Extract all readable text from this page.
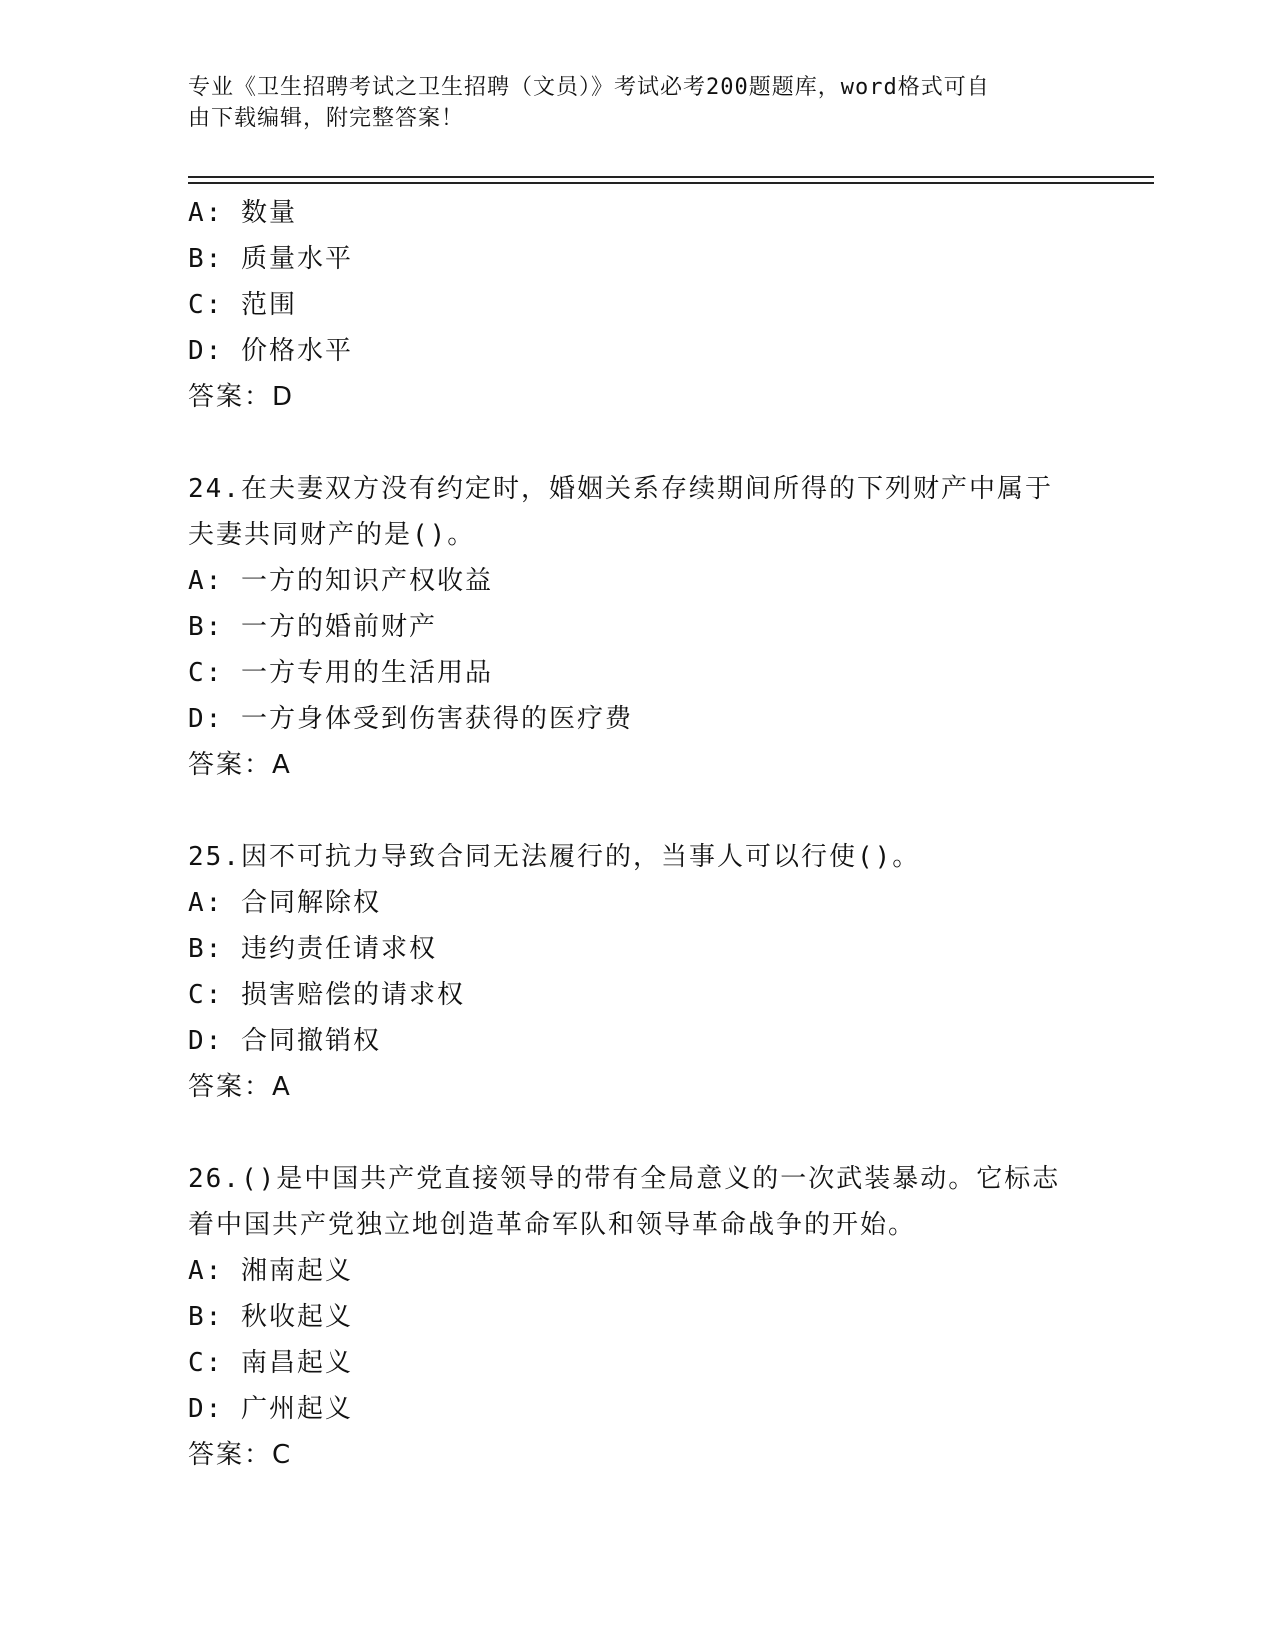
专业《卫生招聘考试之卫生招聘（文员）》考试必考200题题库，word格式可自
由下载编辑，附完整答案！
A: 数量
B: 质量水平
C: 范围
D: 价格水平
答案：D
24.在夫妻双方没有约定时，婚姻关系存续期间所得的下列财产中属于
夫妻共同财产的是()。
A: 一方的知识产权收益
B: 一方的婚前财产
C: 一方专用的生活用品
D: 一方身体受到伤害获得的医疗费
答案：A
25.因不可抗力导致合同无法履行的，当事人可以行使()。
A: 合同解除权
B: 违约责任请求权
C: 损害赔偿的请求权
D: 合同撤销权
答案：A
26.()是中国共产党直接领导的带有全局意义的一次武装暴动。它标志
着中国共产党独立地创造革命军队和领导革命战争的开始。
A: 湘南起义
B: 秋收起义
C: 南昌起义
D: 广州起义
答案：C
